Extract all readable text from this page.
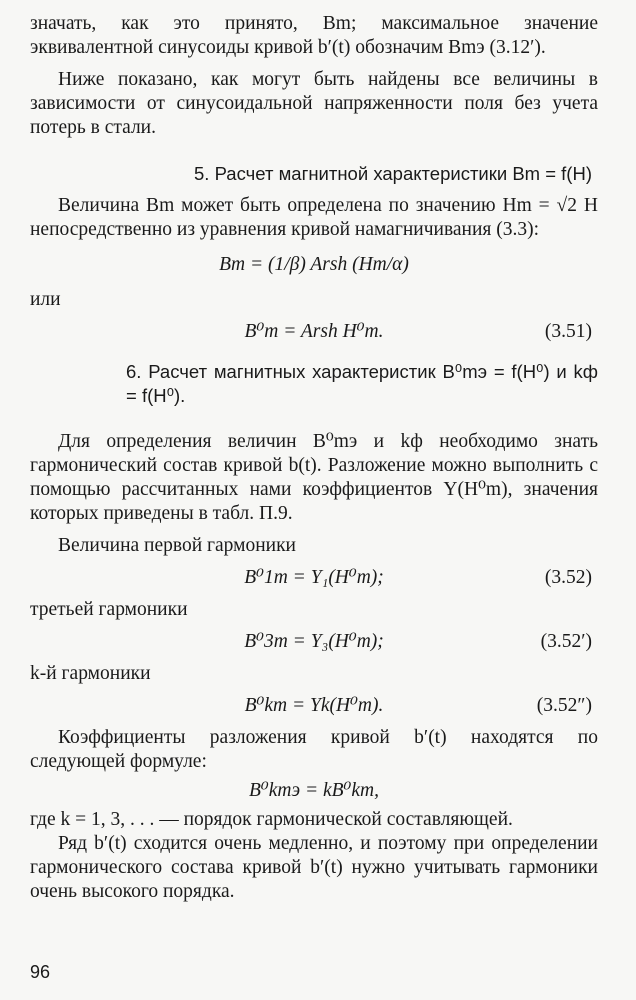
значать, как это принято, Bm; максимальное значение эквивалентной синусоиды кривой b′(t) обозначим Bmэ (3.12′).

Ниже показано, как могут быть найдены все величины в зависимости от синусоидальной напряженности поля без учета потерь в стали.

5. Расчет магнитной характеристики Bm = f(H)

Величина Bm может быть определена по значению Hm = √2 H непосредственно из уравнения кривой намагничивания (3.3):

Bm = (1/β) Arsh (Hm/α)

или

B⁰m = Arsh H⁰m.	(3.51)

6. Расчет магнитных характеристик B⁰mэ = f(H⁰) и kф = f(H⁰).

Для определения величин B⁰mэ и kф необходимо знать гармонический состав кривой b(t). Разложение можно выполнить с помощью рассчитанных нами коэффициентов Y(H⁰m), значения которых приведены в табл. П.9.

Величина первой гармоники

B⁰1m = Y₁(H⁰m);	(3.52)

третьей гармоники

B⁰3m = Y₃(H⁰m);	(3.52′)

k-й гармоники

B⁰km = Yk(H⁰m).	(3.52″)

Коэффициенты разложения кривой b′(t) находятся по следующей формуле:

B⁰kmэ = kB⁰km,

где k = 1, 3, . . . — порядок гармонической составляющей.

Ряд b′(t) сходится очень медленно, и поэтому при определении гармонического состава кривой b′(t) нужно учитывать гармоники очень высокого порядка.

96
